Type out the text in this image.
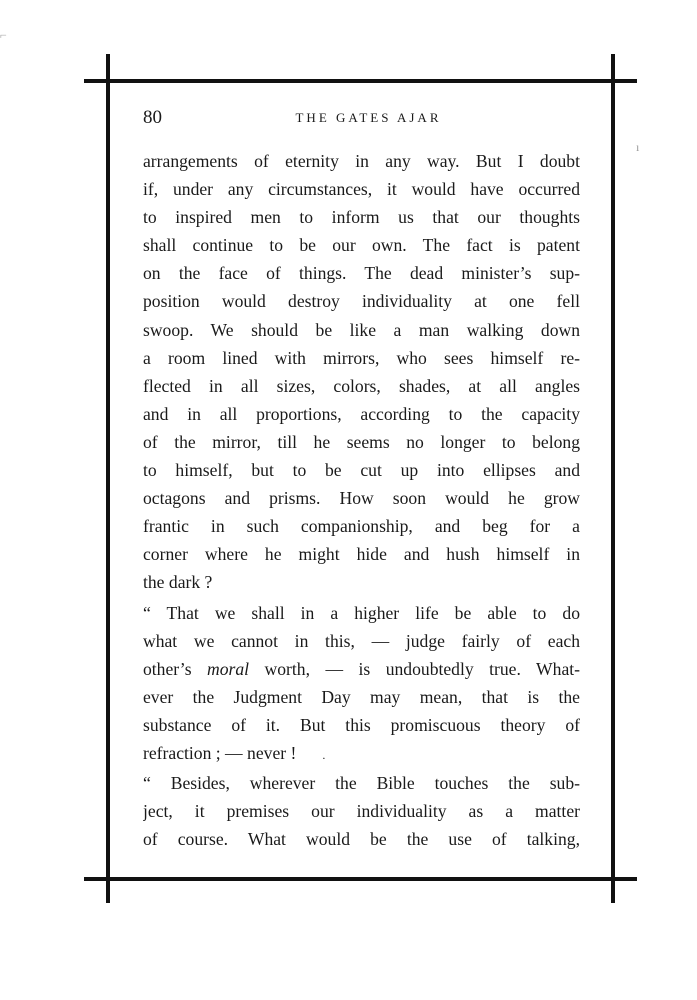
⌐
ı
80	THE GATES AJAR
arrangements of eternity in any way. But I doubt
if, under any circumstances, it would have occurred
to inspired men to inform us that our thoughts
shall continue to be our own. The fact is patent
on the face of things. The dead minister’s sup-
position would destroy individuality at one fell
swoop. We should be like a man walking down
a room lined with mirrors, who sees himself re-
flected in all sizes, colors, shades, at all angles
and in all proportions, according to the capacity
of the mirror, till he seems no longer to belong
to himself, but to be cut up into ellipses and
octagons and prisms. How soon would he grow
frantic in such companionship, and beg for a
corner where he might hide and hush himself in
the dark ?
“ That we shall in a higher life be able to do
what we cannot in this, — judge fairly of each
other’s moral worth, — is undoubtedly true. What-
ever the Judgment Day may mean, that is the
substance of it. But this promiscuous theory of
refraction ; — never ! .
“ Besides, wherever the Bible touches the sub-
ject, it premises our individuality as a matter
of course. What would be the use of talking,
